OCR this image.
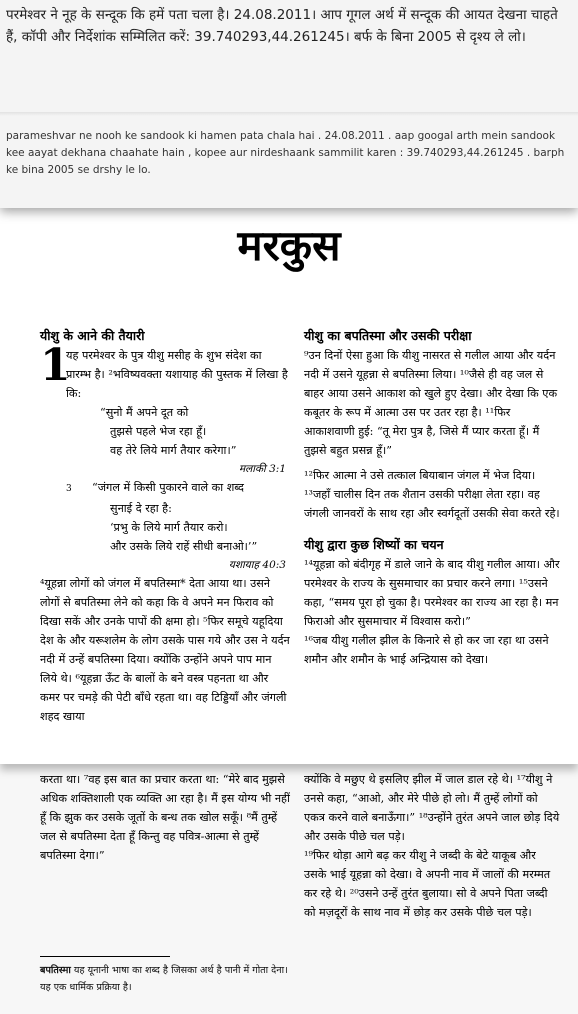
परमेश्वर ने नूह के सन्दूक कि हमें पता चला है। 24.08.2011। आप गूगल अर्थ में सन्दूक की आयत देखना चाहते हैं, कॉपी और निर्देशांक सम्मिलित करें: 39.740293,44.261245। बर्फ के बिना 2005 से दृश्य ले लो।
parameshvar ne nooh ke sandook ki hamen pata chala hai . 24.08.2011 . aap googal arth mein sandook kee aayat dekhana chaahate hain , kopee aur nirdeshaank sammilit karen : 39.740293,44.261245 . barph ke bina 2005 se drshy le lo.
मरकुस

यीशु के आने की तैयारी

1

यह परमेश्वर के पुत्र यीशु मसीह के शुभ संदेश का प्रारम्भ है। ²भविष्यवक्ता यशायाह की पुस्तक में लिखा है कि:

“सुनो मैं अपने दूत को

तुझसे पहले भेज रहा हूँ।

वह तेरे लिये मार्ग तैयार करेगा।”

मलाकी 3:1

3 “जंगल में किसी पुकारने वाले का शब्द

सुनाई दे रहा है:

‘प्रभु के लिये मार्ग तैयार करो।

और उसके लिये राहें सीधी बनाओ।’”

यशायाह 40:3

⁴यूहन्ना लोगों को जंगल में बपतिस्मा* देता आया था। उसने लोगों से बपतिस्मा लेने को कहा कि वे अपने मन फिराव को दिखा सकें और उनके पापों की क्षमा हो। ⁵फिर समूचे यहूदिया देश के और यरूशलेम के लोग उसके पास गये और उस ने यर्दन नदी में उन्हें बपतिस्मा दिया। क्योंकि उन्होंने अपने पाप मान लिये थे। ⁶यूहन्ना ऊँट के बालों के बने वस्त्र पहनता था और कमर पर चमड़े की पेटी बाँधे रहता था। वह टिड्डियाँ और जंगली शहद खाया

यीशु का बपतिस्मा और उसकी परीक्षा

⁹उन दिनों ऐसा हुआ कि यीशु नासरत से गलील आया और यर्दन नदी में उसने यूहन्ना से बपतिस्मा लिया। ¹⁰जैसे ही वह जल से बाहर आया उसने आकाश को खुले हुए देखा। और देखा कि एक कबूतर के रूप में आत्मा उस पर उतर रहा है। ¹¹फिर आकाशवाणी हुई: “तू मेरा पुत्र है, जिसे मैं प्यार करता हूँ। मैं तुझसे बहुत प्रसन्न हूँ।”

¹²फिर आत्मा ने उसे तत्काल बियाबान जंगल में भेज दिया। ¹³जहाँ चालीस दिन तक शैतान उसकी परीक्षा लेता रहा। वह जंगली जानवरों के साथ रहा और स्वर्गदूतों उसकी सेवा करते रहे।

यीशु द्वारा कुछ शिष्यों का चयन

¹⁴यूहन्ना को बंदीगृह में डाले जाने के बाद यीशु गलील आया। और परमेश्वर के राज्य के सुसमाचार का प्रचार करने लगा। ¹⁵उसने कहा, “समय पूरा हो चुका है। परमेश्वर का राज्य आ रहा है। मन फिराओ और सुसमाचार में विश्वास करो।”

¹⁶जब यीशु गलील झील के किनारे से हो कर जा रहा था उसने शमौन और शमौन के भाई अन्द्रियास को देखा।

करता था। ⁷वह इस बात का प्रचार करता था: “मेरे बाद मुझसे अधिक शक्तिशाली एक व्यक्ति आ रहा है। मैं इस योग्य भी नहीं हूँ कि झुक कर उसके जूतों के बन्ध तक खोल सकूँ। ⁸मैं तुम्हें जल से बपतिस्मा देता हूँ किन्तु वह पवित्र-आत्मा से तुम्हें बपतिस्मा देगा।”

क्योंकि वे मछुए थे इसलिए झील में जाल डाल रहे थे। ¹⁷यीशु ने उनसे कहा, “आओ, और मेरे पीछे हो लो। मैं तुम्हें लोगों को एकत्र करने वाले बनाऊँगा।” ¹⁸उन्होंने तुरंत अपने जाल छोड़ दिये और उसके पीछे चल पड़े।

¹⁹फिर थोड़ा आगे बढ़ कर यीशु ने जब्दी के बेटे याकूब और उसके भाई यूहन्ना को देखा। वे अपनी नाव में जालों की मरम्मत कर रहे थे। ²⁰उसने उन्हें तुरंत बुलाया। सो वे अपने पिता जब्दी को मज़दूरों के साथ नाव में छोड़ कर उसके पीछे चल पड़े।

बपतिस्मा यह यूनानी भाषा का शब्द है जिसका अर्थ है पानी में गोता देना। यह एक धार्मिक प्रक्रिया है।
